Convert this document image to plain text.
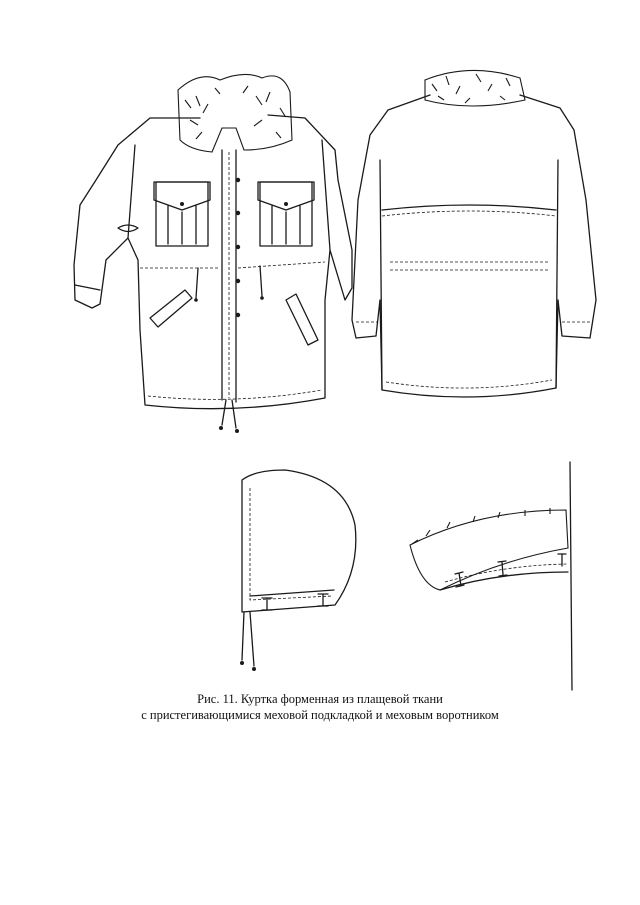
Рис. 11. Куртка форменная из плащевой ткани
с пристегивающимися меховой подкладкой и меховым воротником
